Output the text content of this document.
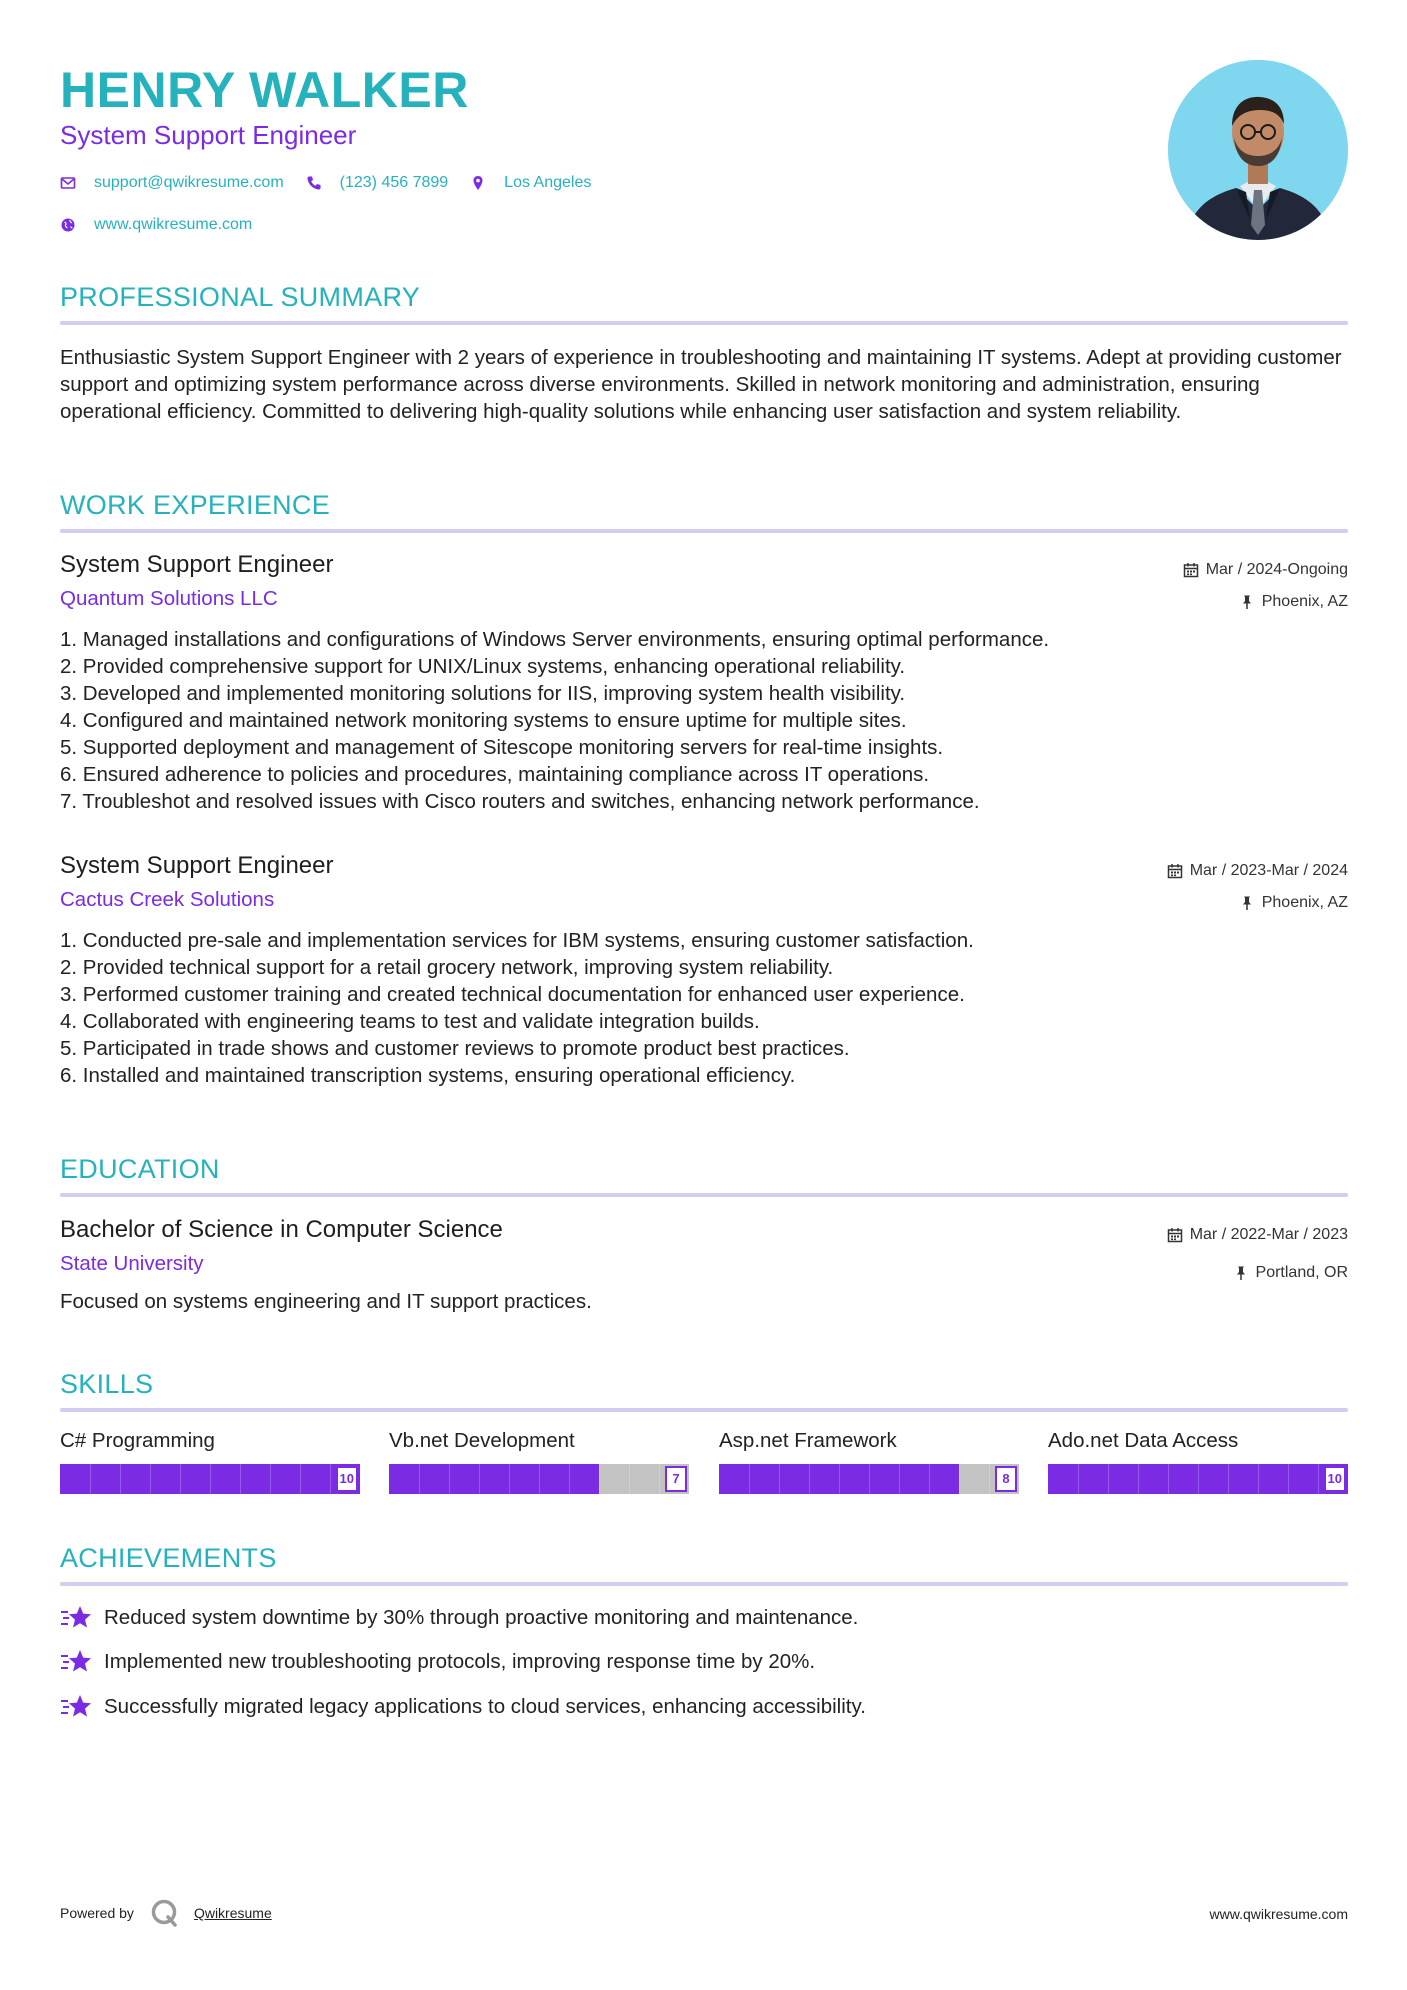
HENRY WALKER
System Support Engineer
support@qwikresume.com	(123) 456 7899	Los Angeles
www.qwikresume.com
PROFESSIONAL SUMMARY

Enthusiastic System Support Engineer with 2 years of experience in troubleshooting and maintaining IT systems. Adept at providing customer support and optimizing system performance across diverse environments. Skilled in network monitoring and administration, ensuring operational efficiency. Committed to delivering high-quality solutions while enhancing user satisfaction and system reliability.

WORK EXPERIENCE
System Support Engineer
Quantum Solutions LLC
Mar / 2024-Ongoing
Phoenix, AZ
1. Managed installations and configurations of Windows Server environments, ensuring optimal performance.
2. Provided comprehensive support for UNIX/Linux systems, enhancing operational reliability.
3. Developed and implemented monitoring solutions for IIS, improving system health visibility.
4. Configured and maintained network monitoring systems to ensure uptime for multiple sites.
5. Supported deployment and management of Sitescope monitoring servers for real-time insights.
6. Ensured adherence to policies and procedures, maintaining compliance across IT operations.
7. Troubleshot and resolved issues with Cisco routers and switches, enhancing network performance.
System Support Engineer
Cactus Creek Solutions
Mar / 2023-Mar / 2024
Phoenix, AZ
1. Conducted pre-sale and implementation services for IBM systems, ensuring customer satisfaction.
2. Provided technical support for a retail grocery network, improving system reliability.
3. Performed customer training and created technical documentation for enhanced user experience.
4. Collaborated with engineering teams to test and validate integration builds.
5. Participated in trade shows and customer reviews to promote product best practices.
6. Installed and maintained transcription systems, ensuring operational efficiency.
EDUCATION
Bachelor of Science in Computer Science
State University
Mar / 2022-Mar / 2023
Portland, OR
Focused on systems engineering and IT support practices.
SKILLS
C# Programming
10
Vb.net Development
7
Asp.net Framework
8
Ado.net Data Access
10
ACHIEVEMENTS
Reduced system downtime by 30% through proactive monitoring and maintenance.
Implemented new troubleshooting protocols, improving response time by 20%.
Successfully migrated legacy applications to cloud services, enhancing accessibility.
Powered by	Qwikresume	www.qwikresume.com
